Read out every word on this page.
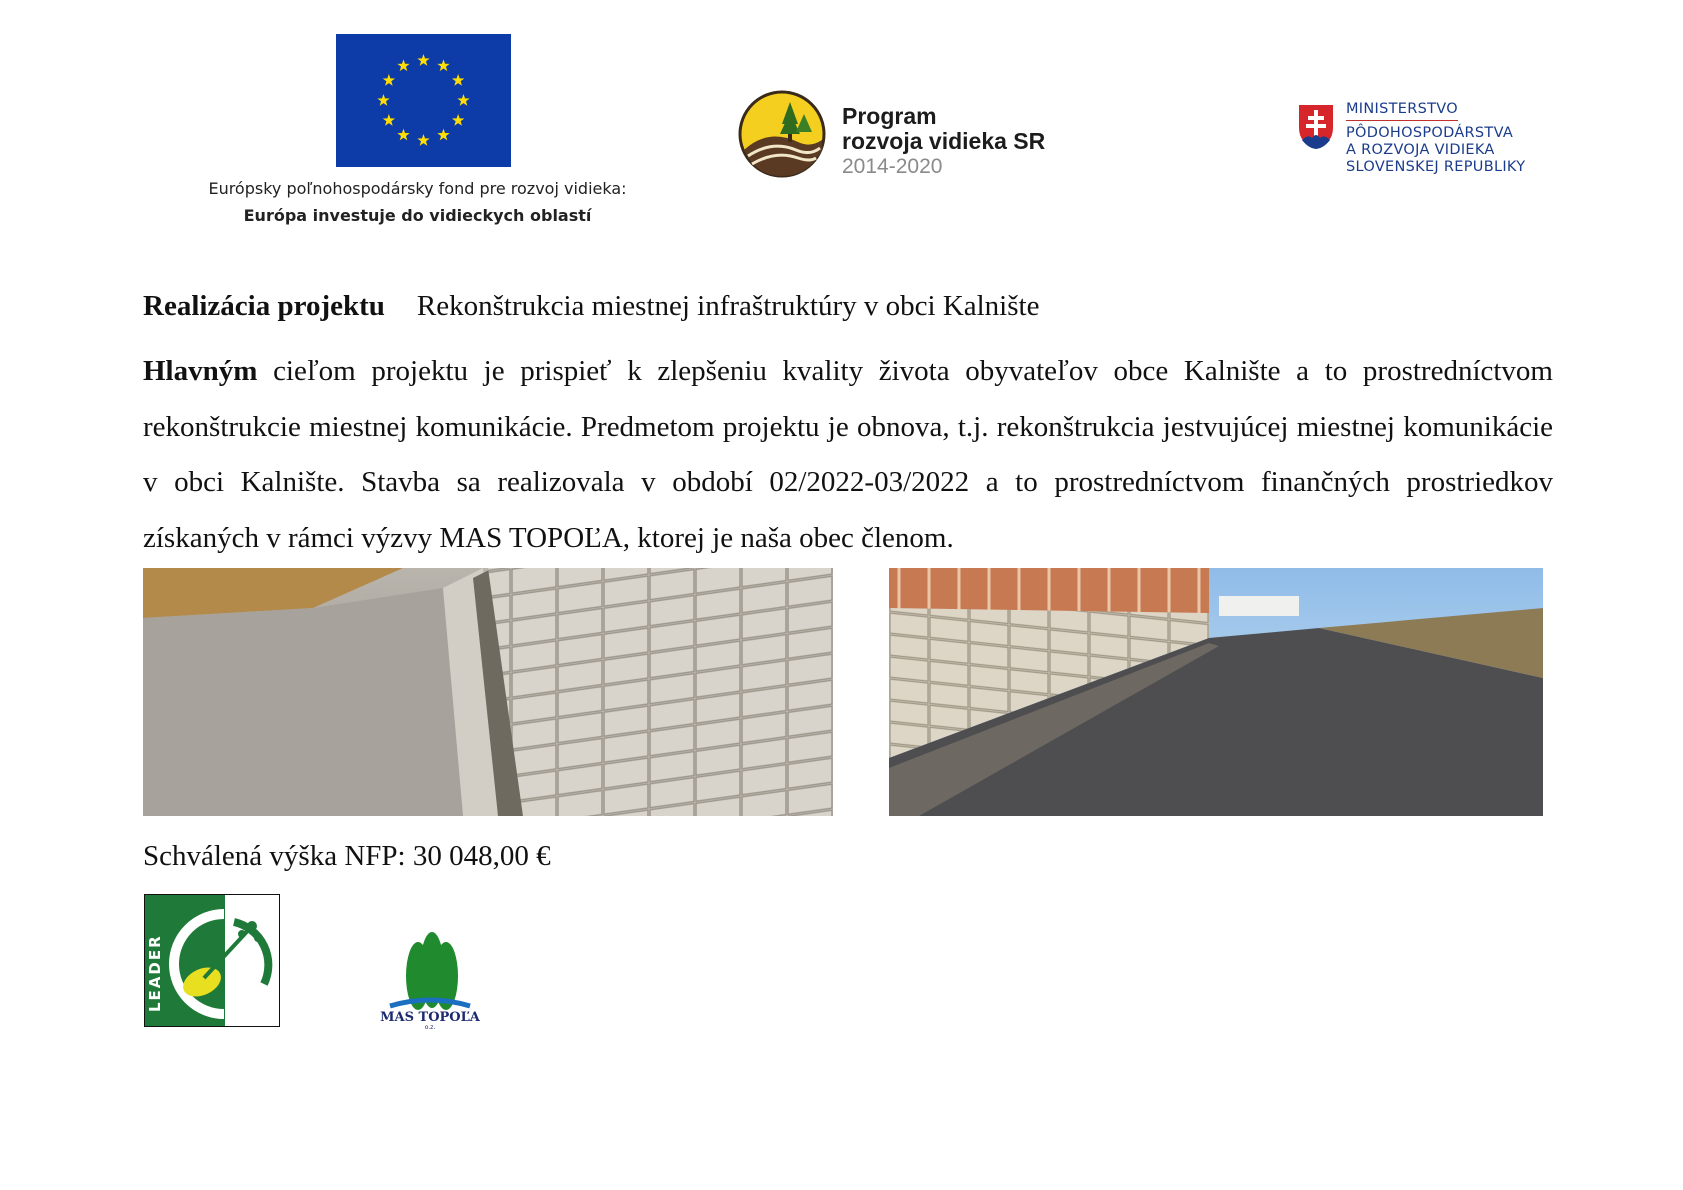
Európsky poľnohospodársky fond pre rozvoj vidieka:
Európa investuje do vidieckych oblastí
Program
rozvoja vidieka SR
2014-2020
MINISTERSTVO
PÔDOHOSPODÁRSTVA
A ROZVOJA VIDIEKA
SLOVENSKEJ REPUBLIKY
Realizácia projektu Rekonštrukcia miestnej infraštruktúry v obci Kalnište
Hlavným cieľom projektu je prispieť k zlepšeniu kvality života obyvateľov obce Kalnište a to prostredníctvom rekonštrukcie miestnej komunikácie. Predmetom projektu je obnova, t.j. rekonštrukcia jestvujúcej miestnej komunikácie v obci Kalnište. Stavba sa realizovala v období 02/2022-03/2022 a to prostredníctvom finančných prostriedkov získaných v rámci výzvy MAS TOPOĽA, ktorej je naša obec členom.
Schválená výška NFP: 30 048,00 €
LEADER
MAS TOPOĽA
o.z.
